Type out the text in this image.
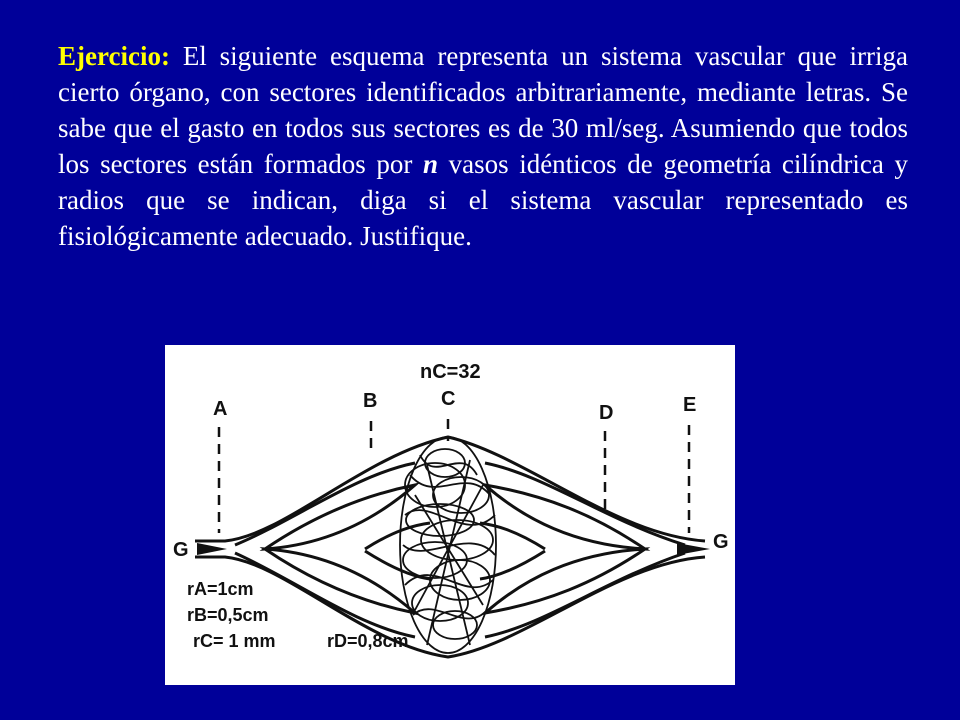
Ejercicio: El siguiente esquema representa un sistema vascular que irriga cierto órgano, con sectores identificados arbitrariamente, mediante letras. Se sabe que el gasto en todos sus sectores es de 30 ml/seg. Asumiendo que todos los sectores están formados por n vasos idénticos de geometría cilíndrica y radios que se indican, diga si el sistema vascular representado es fisiológicamente adecuado. Justifique.
nC=32
A	B	C
D	E
G	G
rA=1cm
rB=0,5cm
rC= 1 mm	rD=0,8cm
